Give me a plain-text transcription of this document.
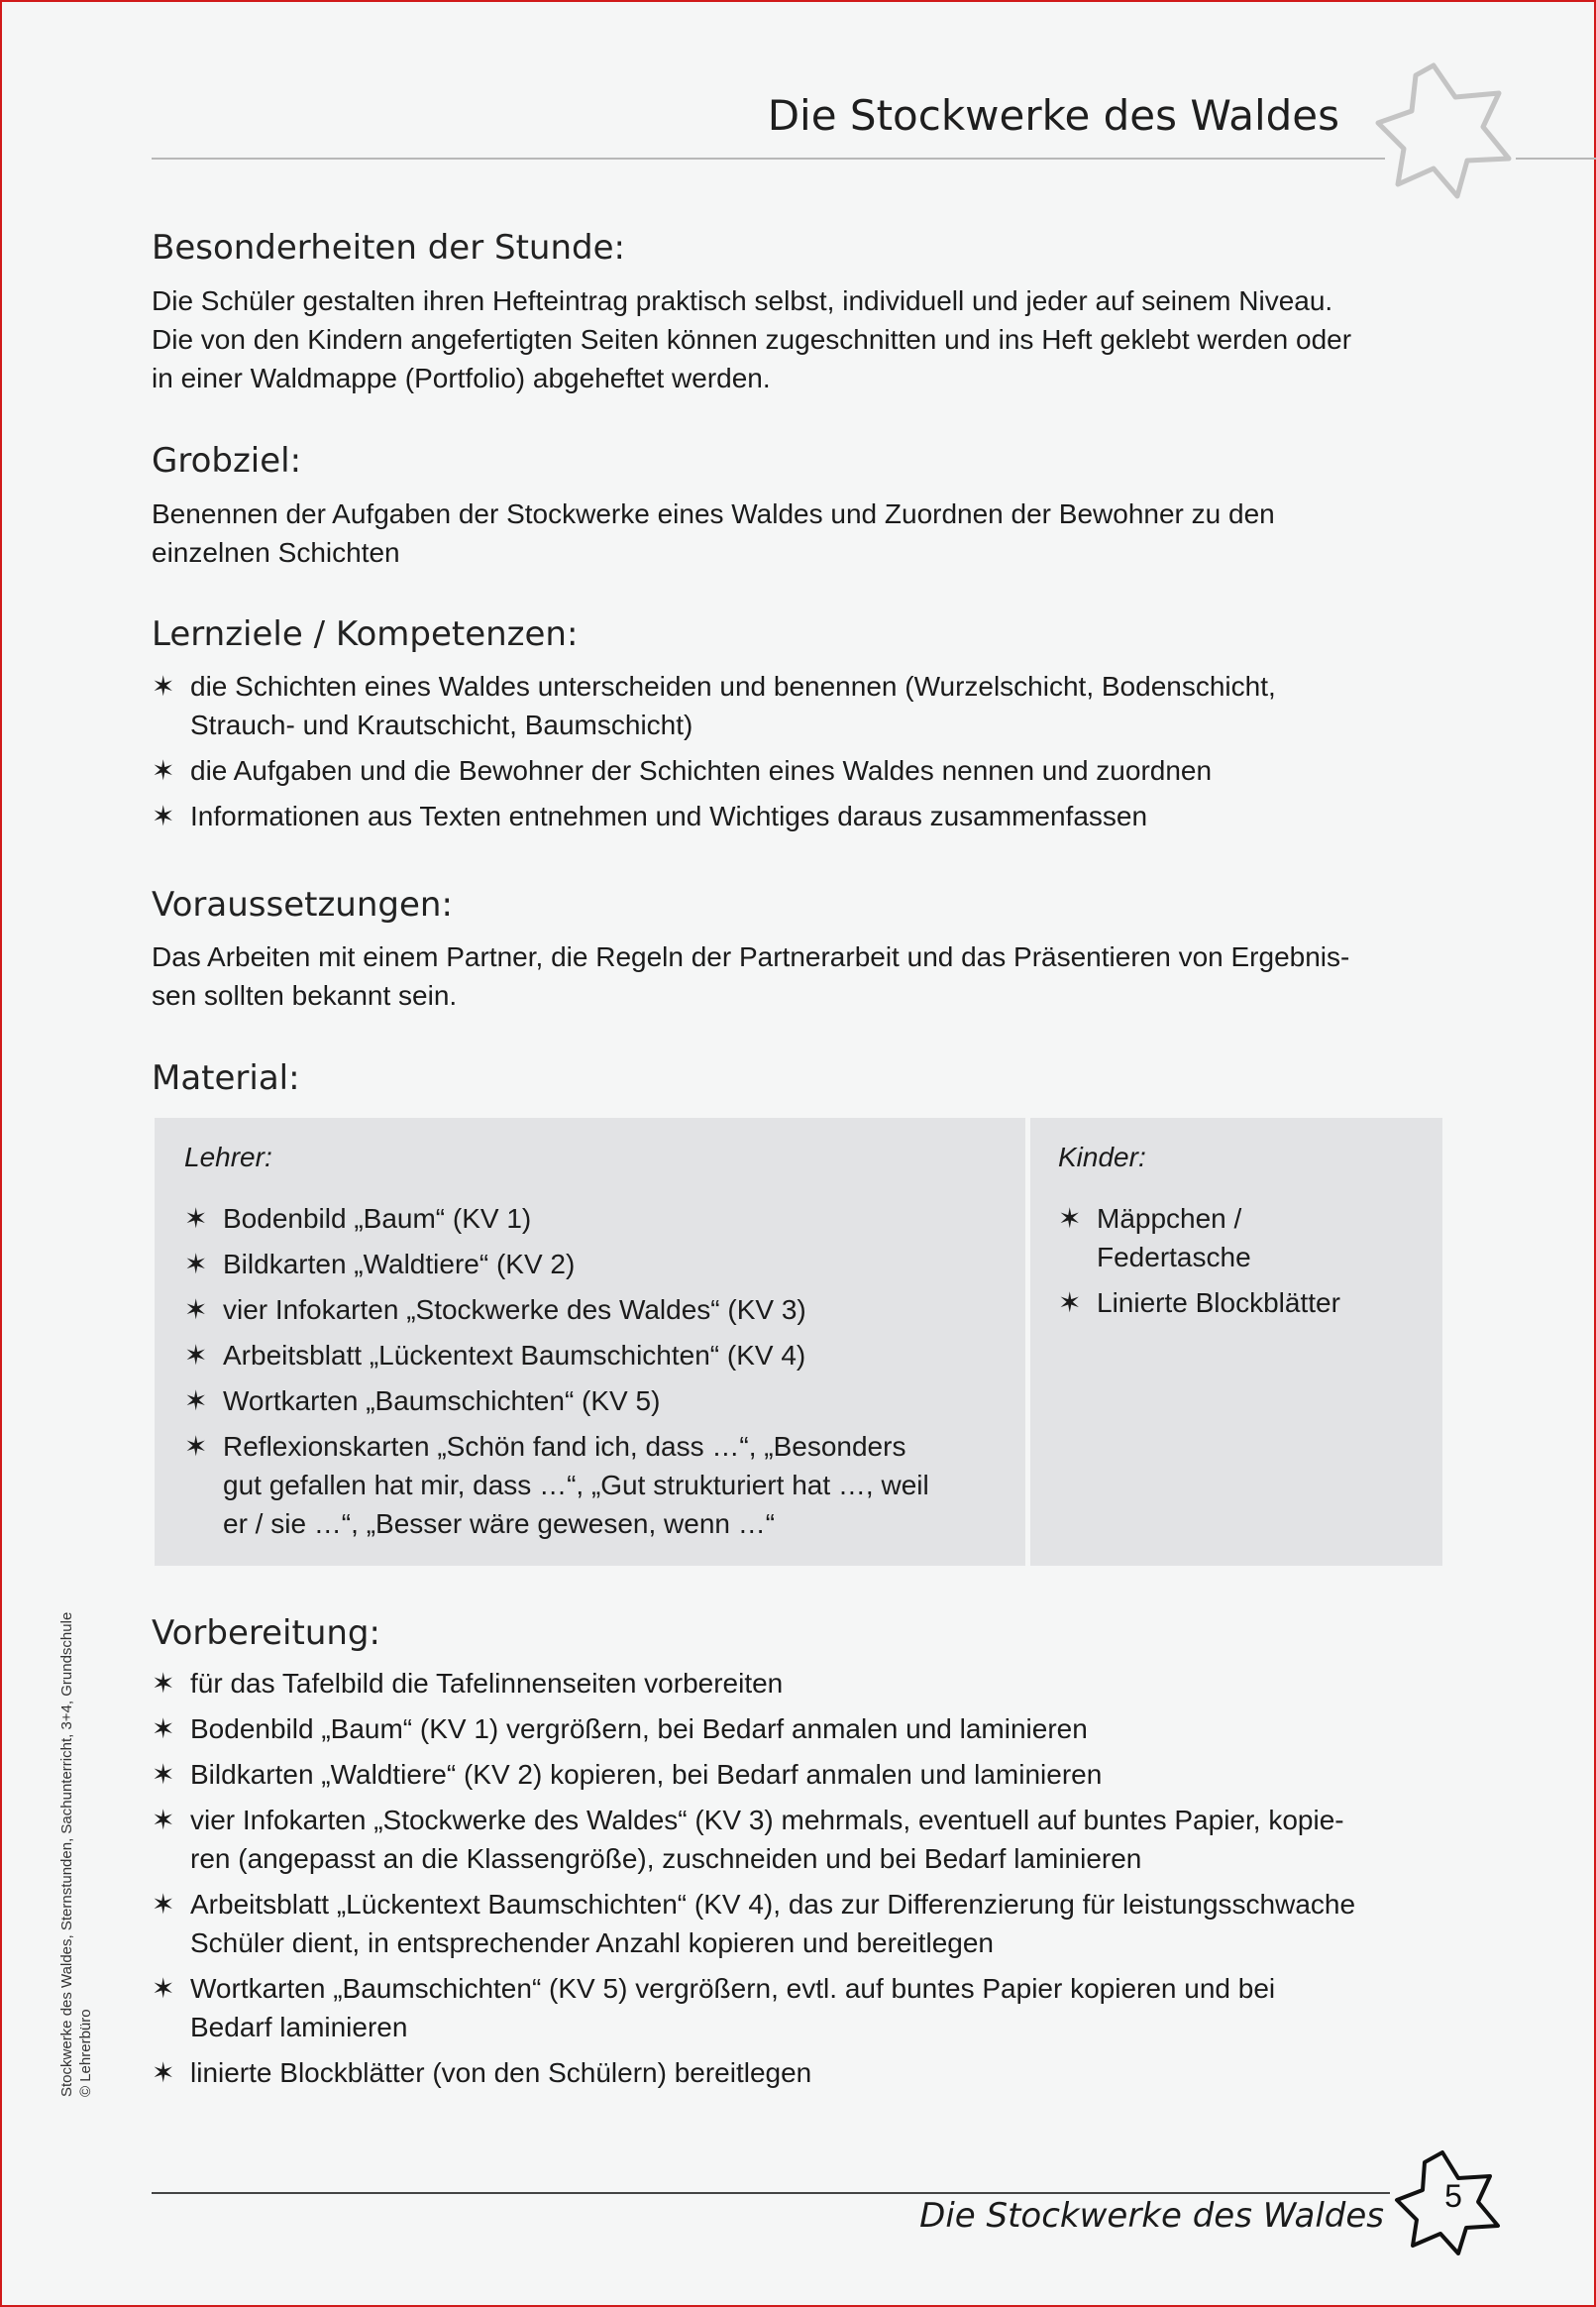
Die Stockwerke des Waldes
Besonderheiten der Stunde:
Die Schüler gestalten ihren Hefteintrag praktisch selbst, individuell und jeder auf seinem Niveau.
Die von den Kindern angefertigten Seiten können zugeschnitten und ins Heft geklebt werden oder
in einer Waldmappe (Portfolio) abgeheftet werden.
Grobziel:
Benennen der Aufgaben der Stockwerke eines Waldes und Zuordnen der Bewohner zu den
einzelnen Schichten
Lernziele / Kompetenzen:
✶ die Schichten eines Waldes unterscheiden und benennen (Wurzelschicht, Bodenschicht,
Strauch- und Krautschicht, Baumschicht)
✶ die Aufgaben und die Bewohner der Schichten eines Waldes nennen und zuordnen
✶ Informationen aus Texten entnehmen und Wichtiges daraus zusammenfassen
Voraussetzungen:
Das Arbeiten mit einem Partner, die Regeln der Partnerarbeit und das Präsentieren von Ergebnis-
sen sollten bekannt sein.
Material:
Lehrer:
✶ Bodenbild „Baum“ (KV 1)
✶ Bildkarten „Waldtiere“ (KV 2)
✶ vier Infokarten „Stockwerke des Waldes“ (KV 3)
✶ Arbeitsblatt „Lückentext Baumschichten“ (KV 4)
✶ Wortkarten „Baumschichten“ (KV 5)
✶ Reflexionskarten „Schön fand ich, dass …“, „Besonders
gut gefallen hat mir, dass …“, „Gut strukturiert hat …, weil
er / sie …“, „Besser wäre gewesen, wenn …“
Kinder:
✶ Mäppchen /
Federtasche
✶ Linierte Blockblätter
Vorbereitung:
✶ für das Tafelbild die Tafelinnenseiten vorbereiten
✶ Bodenbild „Baum“ (KV 1) vergrößern, bei Bedarf anmalen und laminieren
✶ Bildkarten „Waldtiere“ (KV 2) kopieren, bei Bedarf anmalen und laminieren
✶ vier Infokarten „Stockwerke des Waldes“ (KV 3) mehrmals, eventuell auf buntes Papier, kopie-
ren (angepasst an die Klassengröße), zuschneiden und bei Bedarf laminieren
✶ Arbeitsblatt „Lückentext Baumschichten“ (KV 4), das zur Differenzierung für leistungsschwache
Schüler dient, in entsprechender Anzahl kopieren und bereitlegen
✶ Wortkarten „Baumschichten“ (KV 5) vergrößern, evtl. auf buntes Papier kopieren und bei
Bedarf laminieren
✶ linierte Blockblätter (von den Schülern) bereitlegen
Stockwerke des Waldes, Sternstunden, Sachunterricht, 3+4, Grundschule © Lehrerbüro
Die Stockwerke des Waldes	5
